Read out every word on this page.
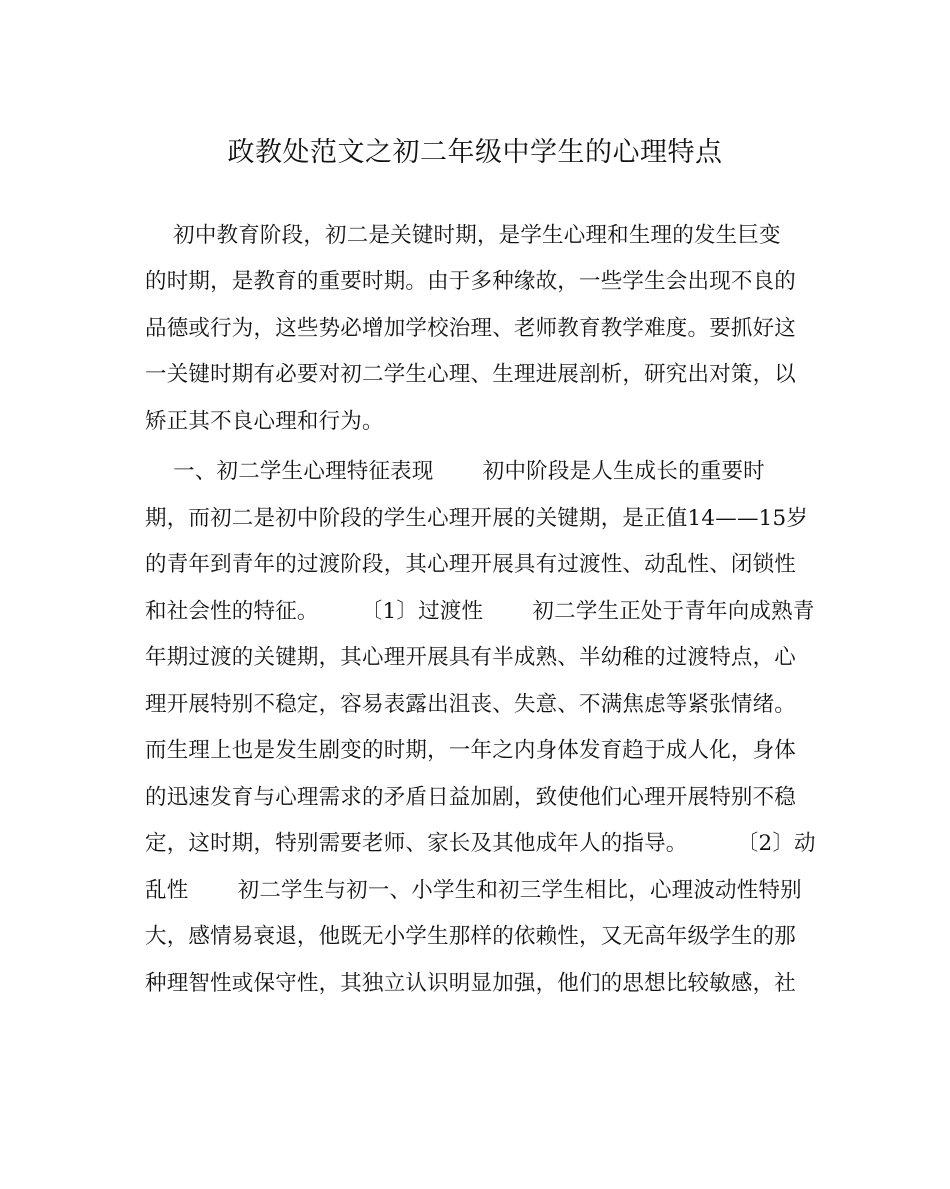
政教处范文之初二年级中学生的心理特点
初中教育阶段，初二是关键时期，是学生心理和生理的发生巨变
的时期，是教育的重要时期。由于多种缘故，一些学生会出现不良的
品德或行为，这些势必增加学校治理、老师教育教学难度。要抓好这
一关键时期有必要对初二学生心理、生理进展剖析，研究出对策，以
矫正其不良心理和行为。
一、初二学生心理特征表现       初中阶段是人生成长的重要时
期，而初二是初中阶段的学生心理开展的关键期，是正值14——15岁
的青年到青年的过渡阶段，其心理开展具有过渡性、动乱性、闭锁性
和社会性的特征。      〔1〕过渡性       初二学生正处于青年向成熟青
年期过渡的关键期，其心理开展具有半成熟、半幼稚的过渡特点，心
理开展特别不稳定，容易表露出沮丧、失意、不满焦虑等紧张情绪。
而生理上也是发生剧变的时期，一年之内身体发育趋于成人化，身体
的迅速发育与心理需求的矛盾日益加剧，致使他们心理开展特别不稳
定，这时期，特别需要老师、家长及其他成年人的指导。       〔2〕动
乱性       初二学生与初一、小学生和初三学生相比，心理波动性特别
大，感情易衰退，他既无小学生那样的依赖性，又无高年级学生的那
种理智性或保守性，其独立认识明显加强，他们的思想比较敏感，社
